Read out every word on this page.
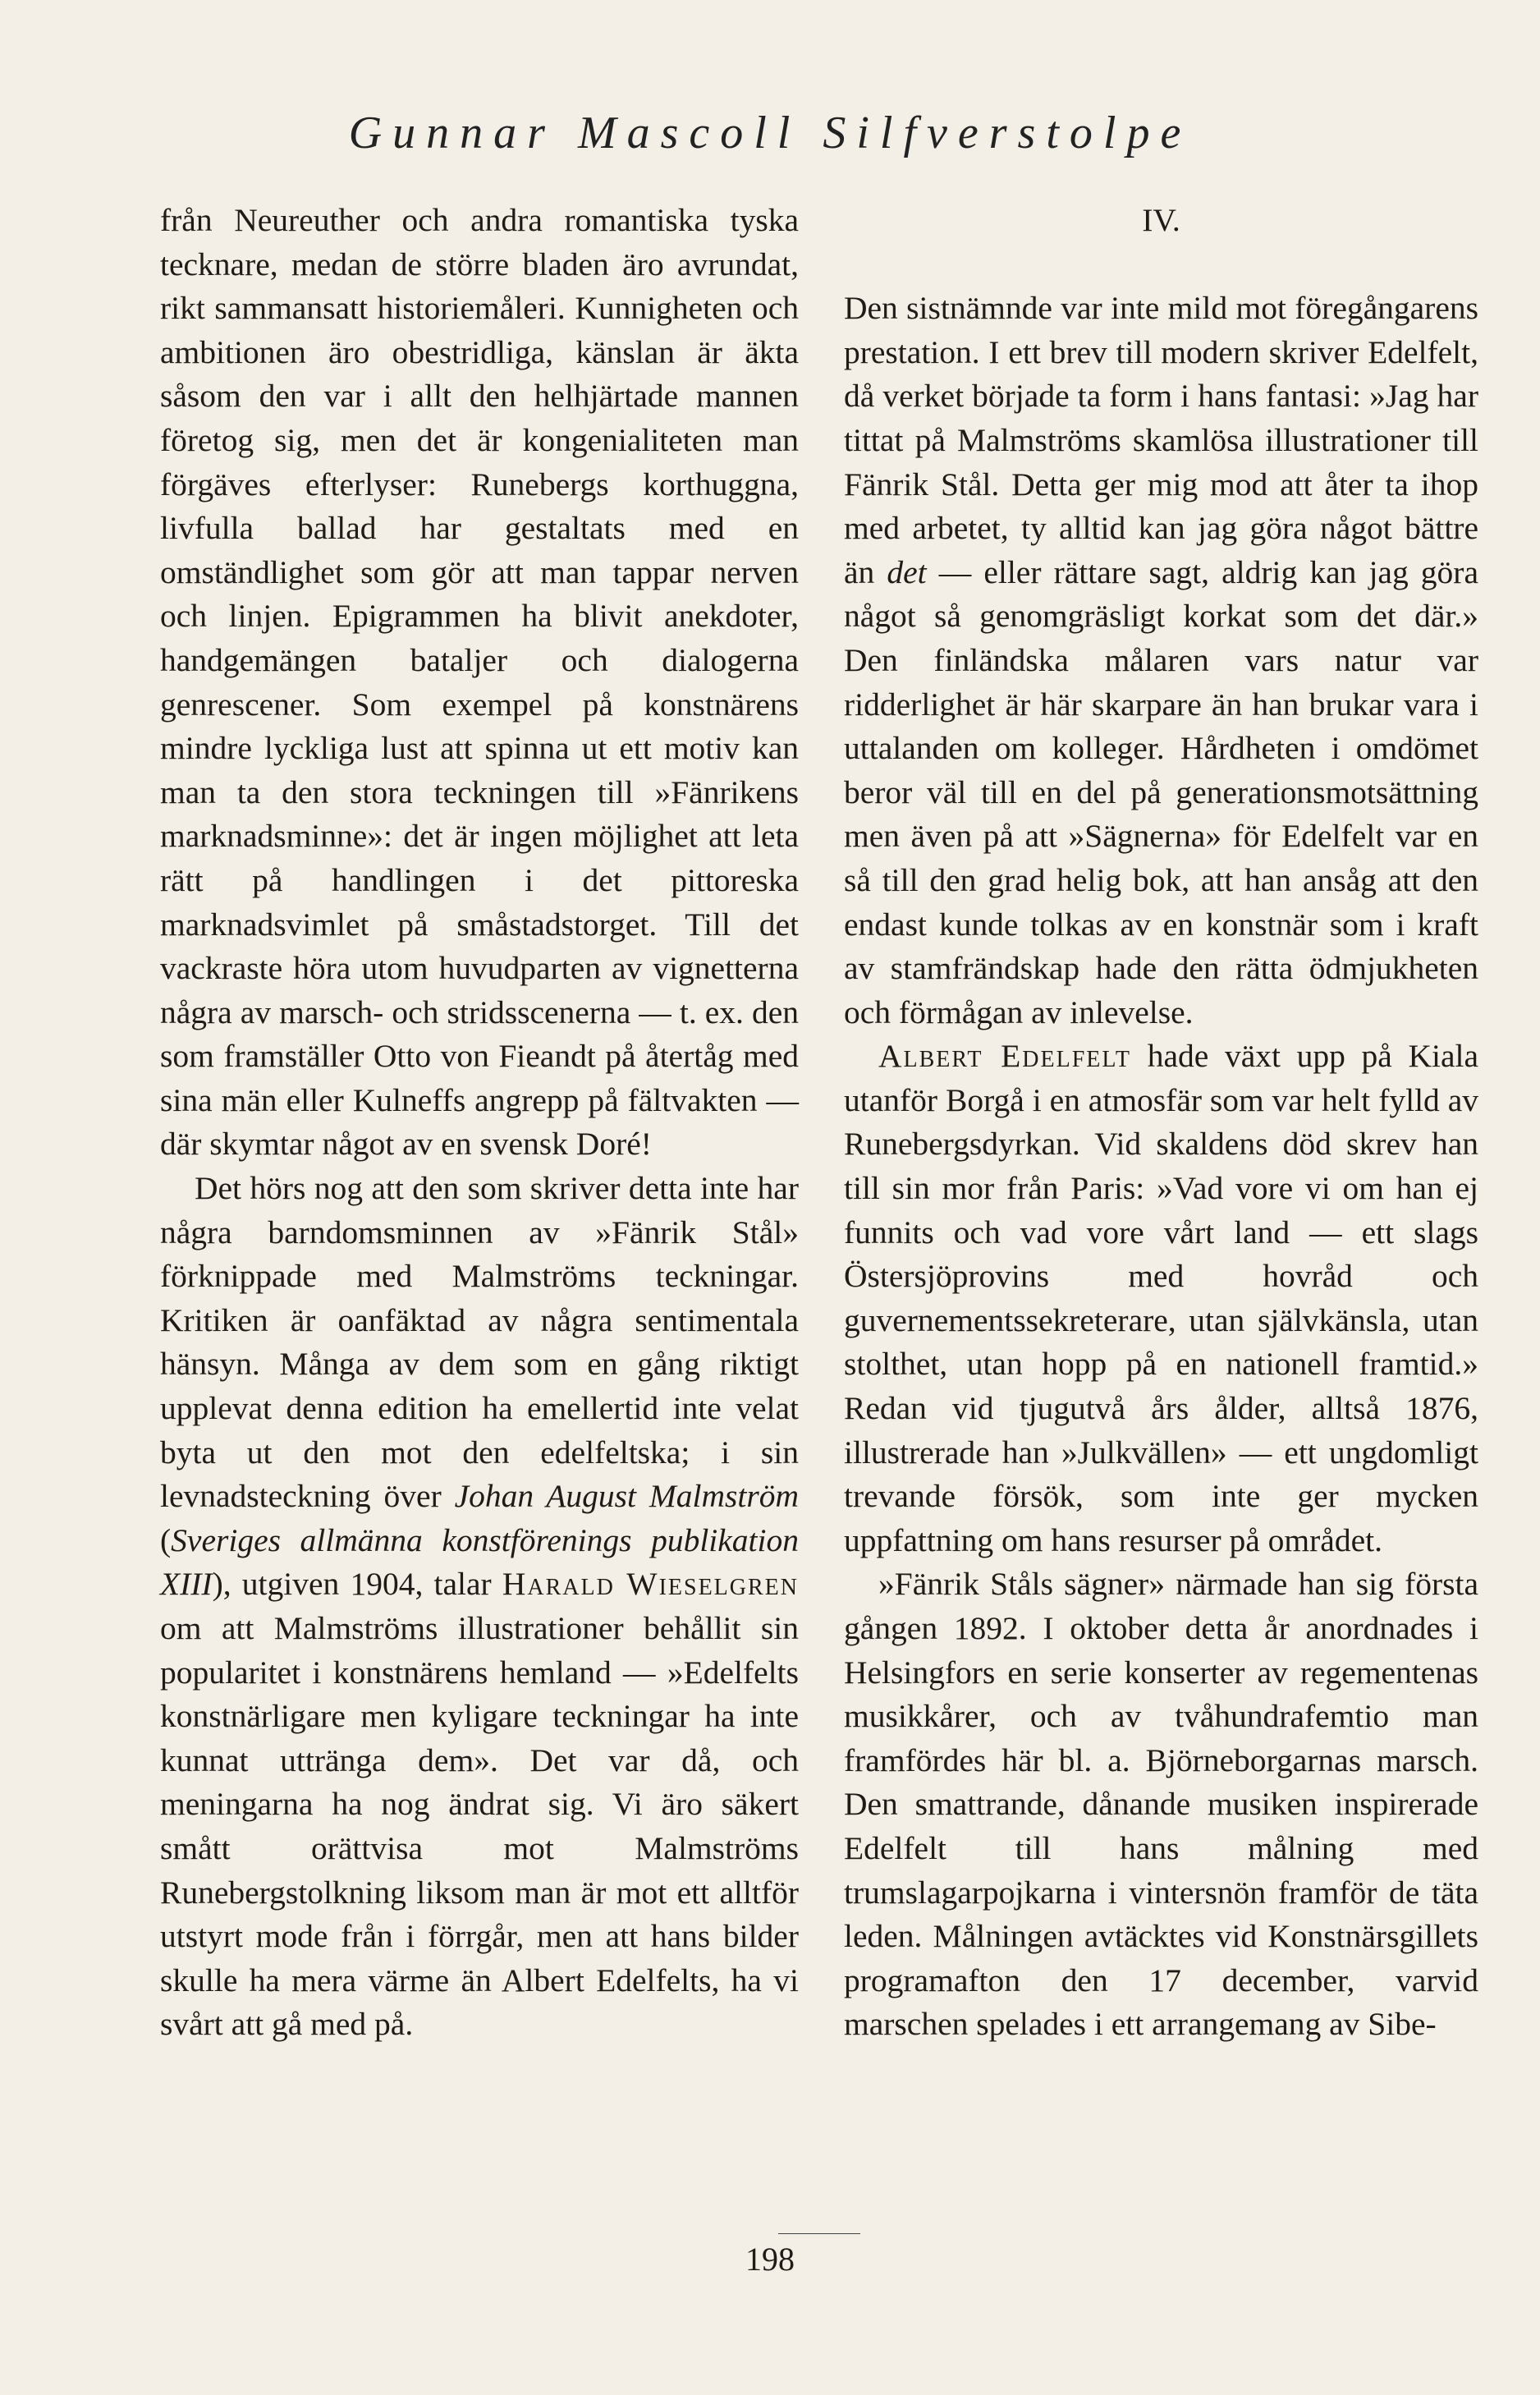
Gunnar Mascoll Silfverstolpe

från Neureuther och andra romantiska tyska tecknare, medan de större bladen äro avrundat, rikt sammansatt historiemåleri. Kunnigheten och ambitionen äro obestridliga, känslan är äkta såsom den var i allt den helhjärtade mannen företog sig, men det är kongenialiteten man förgäves efterlyser: Runebergs korthuggna, livfulla ballad har gestaltats med en omständlighet som gör att man tappar nerven och linjen. Epigrammen ha blivit anekdoter, handgemängen batalјer och dialogerna genrescener. Som exempel på konstnärens mindre lyckliga lust att spinna ut ett motiv kan man ta den stora teckningen till »Fänrikens marknadsminne»: det är ingen möjlighet att leta rätt på handlingen i det pittoreska marknadsvimlet på småstadstorget. Till det vackraste höra utom huvudparten av vignetterna några av marsch- och stridsscenerna — t. ex. den som framställer Otto von Fieandt på återtåg med sina män eller Kulneffs angrepp på fältvakten — där skymtar något av en svensk Doré!

Det hörs nog att den som skriver detta inte har några barndomsminnen av »Fänrik Stål» förknippade med Malmströms teckningar. Kritiken är oanfäktad av några sentimentala hänsyn. Många av dem som en gång riktigt upplevat denna edition ha emellertid inte velat byta ut den mot den edelfeltska; i sin levnadsteckning över Johan August Malmström (Sveriges allmänna konstförenings publikation XIII), utgiven 1904, talar Harald Wieselgren om att Malmströms illustrationer behållit sin popularitet i konstnärens hemland — »Edelfelts konstnärligare men kyligare teckningar ha inte kunnat uttränga dem». Det var då, och meningarna ha nog ändrat sig. Vi äro säkert smått orättvisa mot Malmströms Runebergstolkning liksom man är mot ett alltför utstyrt mode från i förrgår, men att hans bilder skulle ha mera värme än Albert Edelfelts, ha vi svårt att gå med på.

IV.

Den sistnämnde var inte mild mot föregångarens prestation. I ett brev till modern skriver Edelfelt, då verket började ta form i hans fantasi: »Jag har tittat på Malmströms skamlösa illustrationer till Fänrik Stål. Detta ger mig mod att åter ta ihop med arbetet, ty alltid kan jag göra något bättre än det — eller rättare sagt, aldrig kan jag göra något så genomgräsligt korkat som det där.» Den finländska målaren vars natur var ridderlighet är här skarpare än han brukar vara i uttalanden om kolleger. Hårdheten i omdömet beror väl till en del på generationsmotsättning men även på att »Sägnerna» för Edelfelt var en så till den grad helig bok, att han ansåg att den endast kunde tolkas av en konstnär som i kraft av stamfrändskap hade den rätta ödmjukheten och förmågan av inlevelse.

Albert Edelfelt hade växt upp på Kiala utanför Borgå i en atmosfär som var helt fylld av Runebergsdyrkan. Vid skaldens död skrev han till sin mor från Paris: »Vad vore vi om han ej funnits och vad vore vårt land — ett slags Östersjöprovins med hovråd och guvernementssekreterare, utan självkänsla, utan stolthet, utan hopp på en nationell framtid.» Redan vid tjugutvå års ålder, alltså 1876, illustrerade han »Julkvällen» — ett ungdomligt trevande försök, som inte ger mycken uppfattning om hans resurser på området.

»Fänrik Ståls sägner» närmade han sig första gången 1892. I oktober detta år anordnades i Helsingfors en serie konserter av regementenas musikkårer, och av tvåhundrafemtio man framfördes här bl. a. Björneborgarnas marsch. Den smattrande, dånande musiken inspirerade Edelfelt till hans målning med trumslagarpojkarna i vintersnön framför de täta leden. Målningen avtäcktes vid Konstnärsgillets programafton den 17 december, varvid marschen spelades i ett arrangemang av Sibe-

198
